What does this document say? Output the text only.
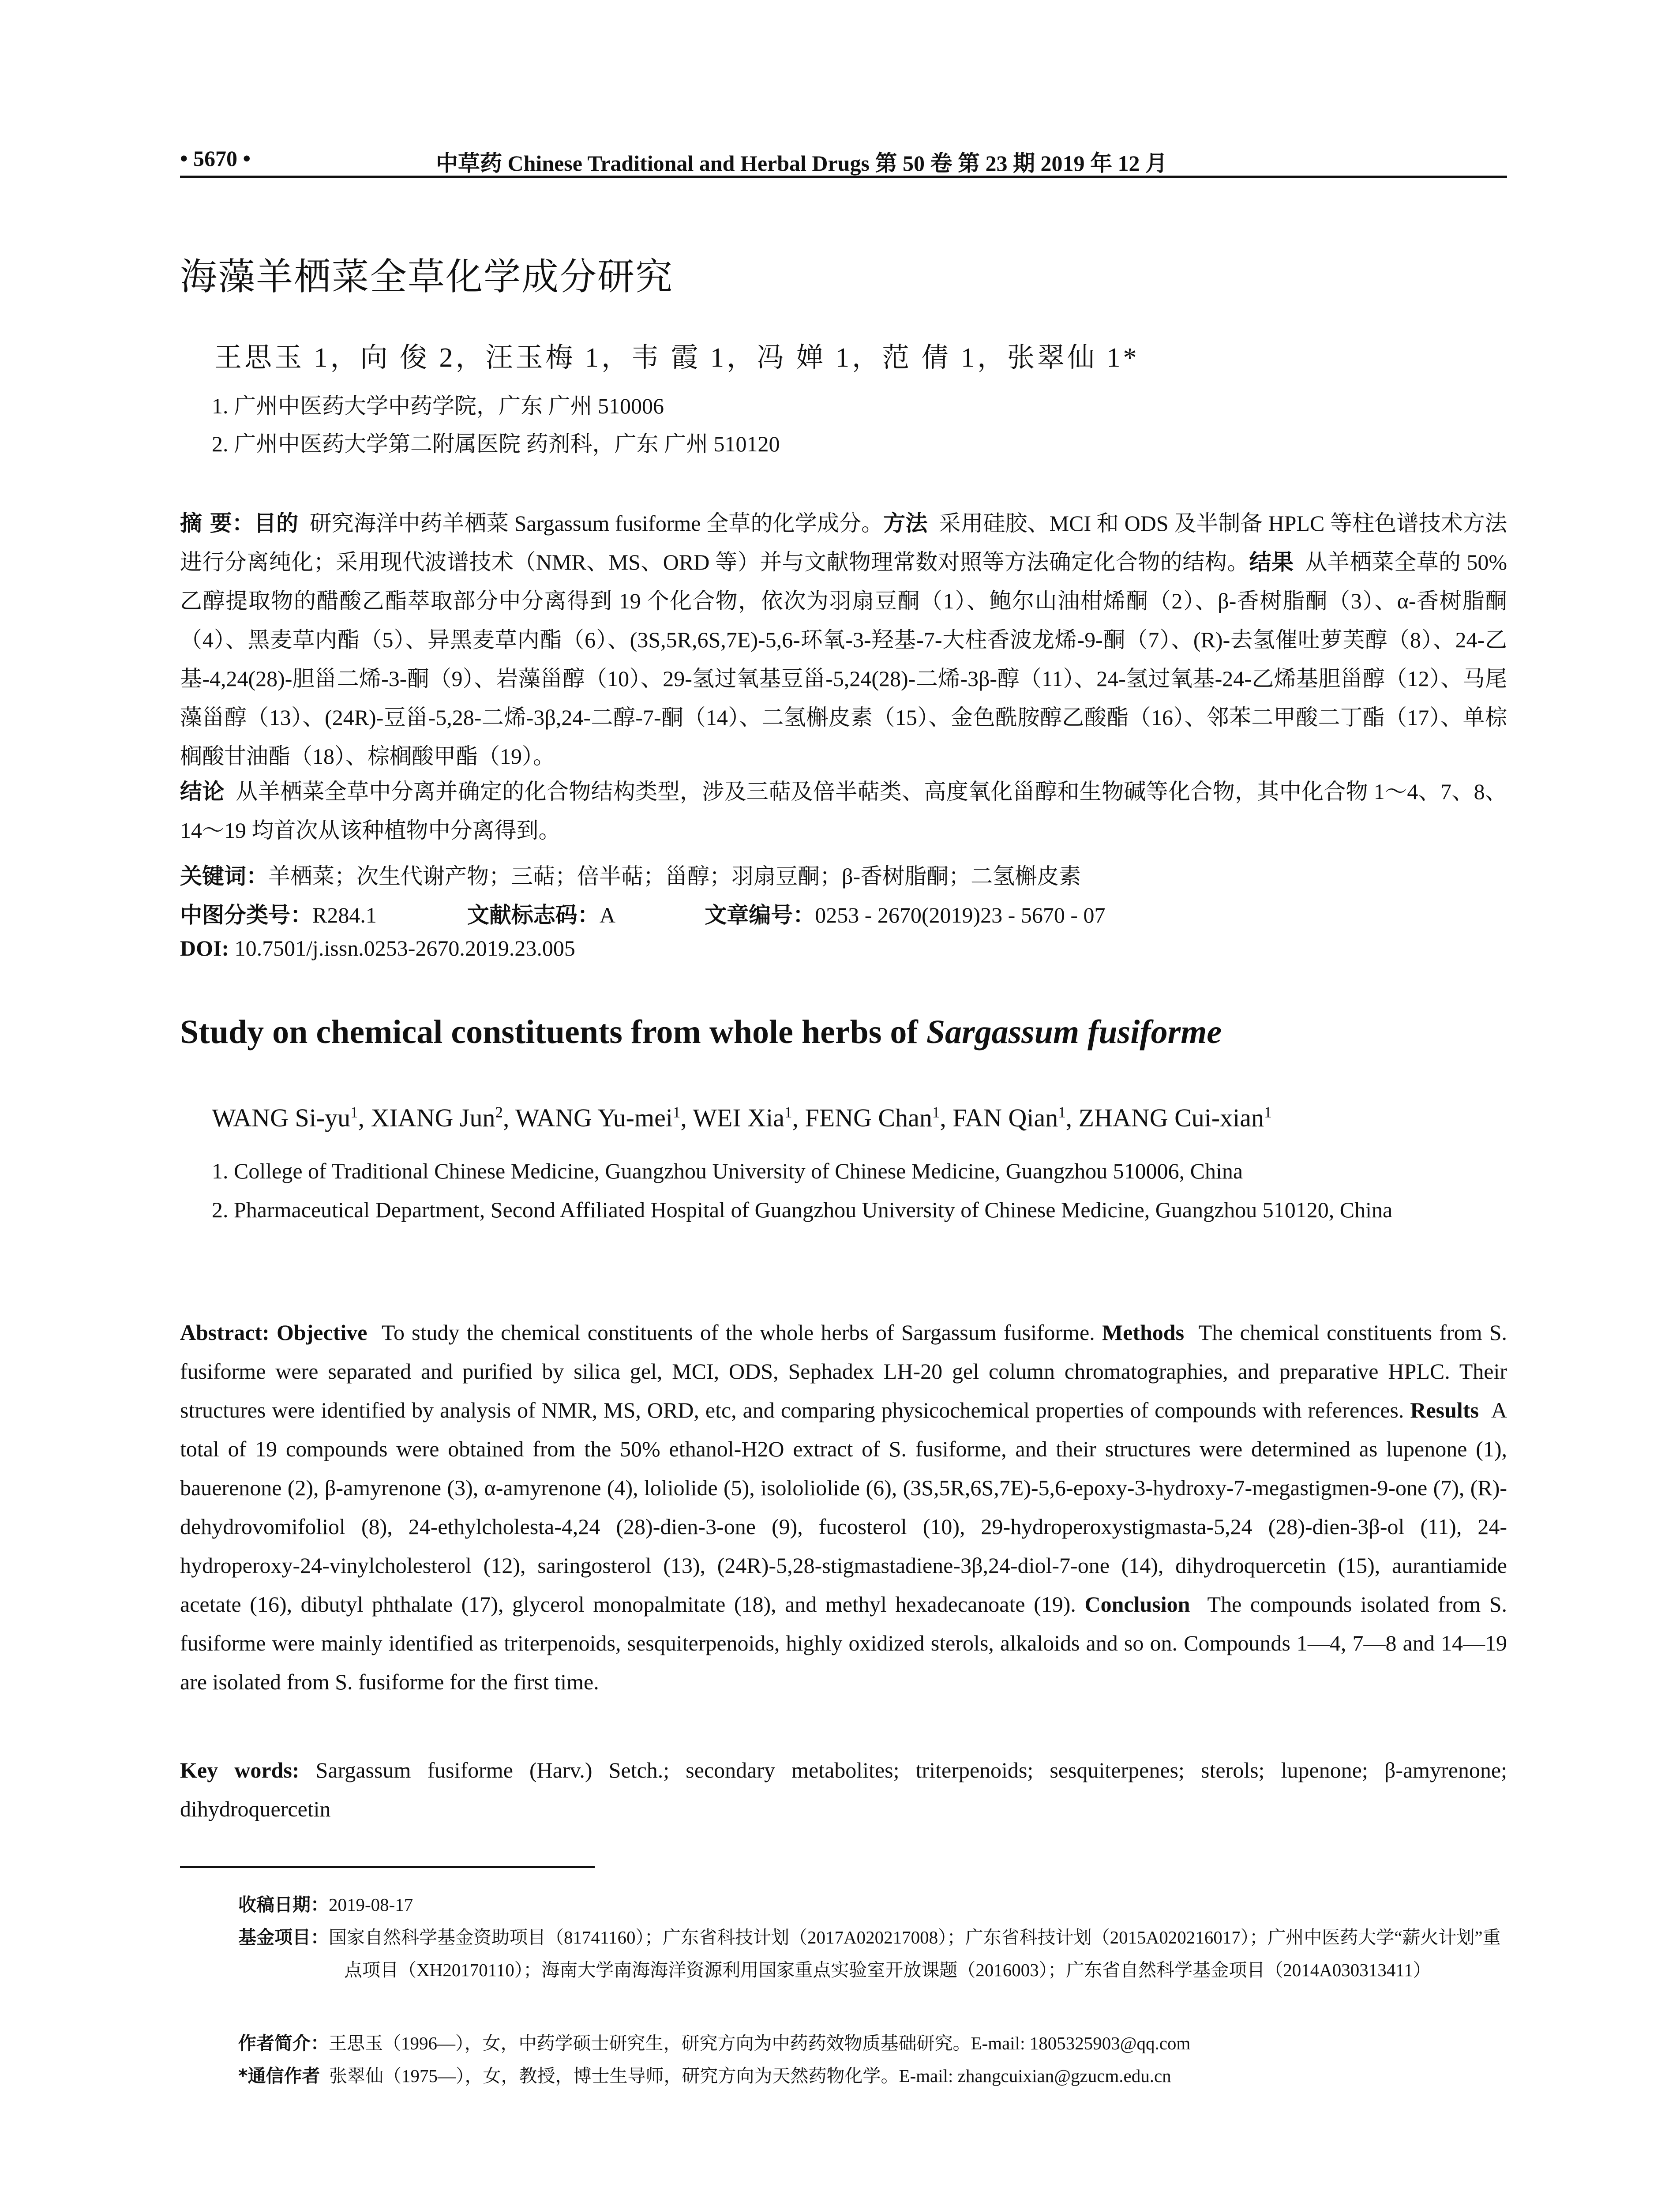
• 5670 •	中草药 Chinese Traditional and Herbal Drugs 第 50 卷 第 23 期 2019 年 12 月
海藻羊栖菜全草化学成分研究
王思玉 1，向 俊 2，汪玉梅 1，韦 霞 1，冯 婵 1，范 倩 1，张翠仙 1*
1. 广州中医药大学中药学院，广东 广州 510006
2. 广州中医药大学第二附属医院 药剂科，广东 广州 510120
摘 要：目的 研究海洋中药羊栖菜 Sargassum fusiforme 全草的化学成分。方法 采用硅胶、MCI 和 ODS 及半制备 HPLC 等柱色谱技术方法进行分离纯化；采用现代波谱技术（NMR、MS、ORD 等）并与文献物理常数对照等方法确定化合物的结构。结果 从羊栖菜全草的 50%乙醇提取物的醋酸乙酯萃取部分中分离得到 19 个化合物，依次为羽扇豆酮（1）、鲍尔山油柑烯酮（2）、β-香树脂酮（3）、α-香树脂酮（4）、黑麦草内酯（5）、异黑麦草内酯（6）、(3S,5R,6S,7E)-5,6-环氧-3-羟基-7-大柱香波龙烯-9-酮（7）、(R)-去氢催吐萝芙醇（8）、24-乙基-4,24(28)-胆甾二烯-3-酮（9）、岩藻甾醇（10）、29-氢过氧基豆甾-5,24(28)-二烯-3β-醇（11）、24-氢过氧基-24-乙烯基胆甾醇（12）、马尾藻甾醇（13）、(24R)-豆甾-5,28-二烯-3β,24-二醇-7-酮（14）、二氢槲皮素（15）、金色酰胺醇乙酸酯（16）、邻苯二甲酸二丁酯（17）、单棕榈酸甘油酯（18）、棕榈酸甲酯（19）。
结论 从羊栖菜全草中分离并确定的化合物结构类型，涉及三萜及倍半萜类、高度氧化甾醇和生物碱等化合物，其中化合物 1～4、7、8、14～19 均首次从该种植物中分离得到。
关键词：羊栖菜；次生代谢产物；三萜；倍半萜；甾醇；羽扇豆酮；β-香树脂酮；二氢槲皮素
中图分类号：R284.1	文献标志码：A	文章编号：0253 - 2670(2019)23 - 5670 - 07
DOI: 10.7501/j.issn.0253-2670.2019.23.005
Study on chemical constituents from whole herbs of Sargassum fusiforme
WANG $Si-yu^1$, XIANG Jun$^2$, WANG Yu-mei$^1$, WEI Xia$^1$, FENG Chan$^1$, FAN Qian$^1$, ZHANG Cui-xian$^1$
1. College of Traditional Chinese Medicine, Guangzhou University of Chinese Medicine, Guangzhou 510006, China
2. Pharmaceutical Department, Second Affiliated Hospital of Guangzhou University of Chinese Medicine, Guangzhou 510120, China
Abstract: Objective To study the chemical constituents of the whole herbs of Sargassum fusiforme. Methods The chemical constituents from S. fusiforme were separated and purified by silica gel, MCI, ODS, Sephadex LH-20 gel column chromatographies, and preparative HPLC. Their structures were identified by analysis of NMR, MS, ORD, etc, and comparing physicochemical properties of compounds with references. Results A total of 19 compounds were obtained from the 50% ethanol-H2O extract of S. fusiforme, and their structures were determined as lupenone (1), bauerenone (2), β-amyrenone (3), α-amyrenone (4), loliolide (5), isololiolide (6), (3S,5R,6S,7E)-5,6-epoxy-3-hydroxy-7-megastigmen-9-one (7), (R)-dehydrovomifoliol (8), 24-ethylcholesta-4,24 (28)-dien-3-one (9), fucosterol (10), 29-hydroperoxystigmasta-5,24 (28)-dien-3β-ol (11), 24-hydroperoxy-24-vinylcholesterol (12), saringosterol (13), (24R)-5,28-stigmastadiene-3β,24-diol-7-one (14), dihydroquercetin (15), aurantiamide acetate (16), dibutyl phthalate (17), glycerol monopalmitate (18), and methyl hexadecanoate (19). Conclusion The compounds isolated from S. fusiforme were mainly identified as triterpenoids, sesquiterpenoids, highly oxidized sterols, alkaloids and so on. Compounds 1—4, 7—8 and 14—19 are isolated from S. fusiforme for the first time.
Key words: Sargassum fusiforme (Harv.) Setch.; secondary metabolites; triterpenoids; sesquiterpenes; sterols; lupenone; β-amyrenone; dihydroquercetin
收稿日期：2019-08-17
基金项目：国家自然科学基金资助项目（81741160）；广东省科技计划（2017A020217008）；广东省科技计划（2015A020216017）；广州中医药大学“薪火计划”重点项目（XH20170110）；海南大学南海海洋资源利用国家重点实验室开放课题（2016003）；广东省自然科学基金项目（2014A030313411）
作者简介：王思玉（1996—），女，中药学硕士研究生，研究方向为中药药效物质基础研究。E-mail: 1805325903@qq.com
*通信作者 张翠仙（1975—），女，教授，博士生导师，研究方向为天然药物化学。E-mail: zhangcuixian@gzucm.edu.cn
